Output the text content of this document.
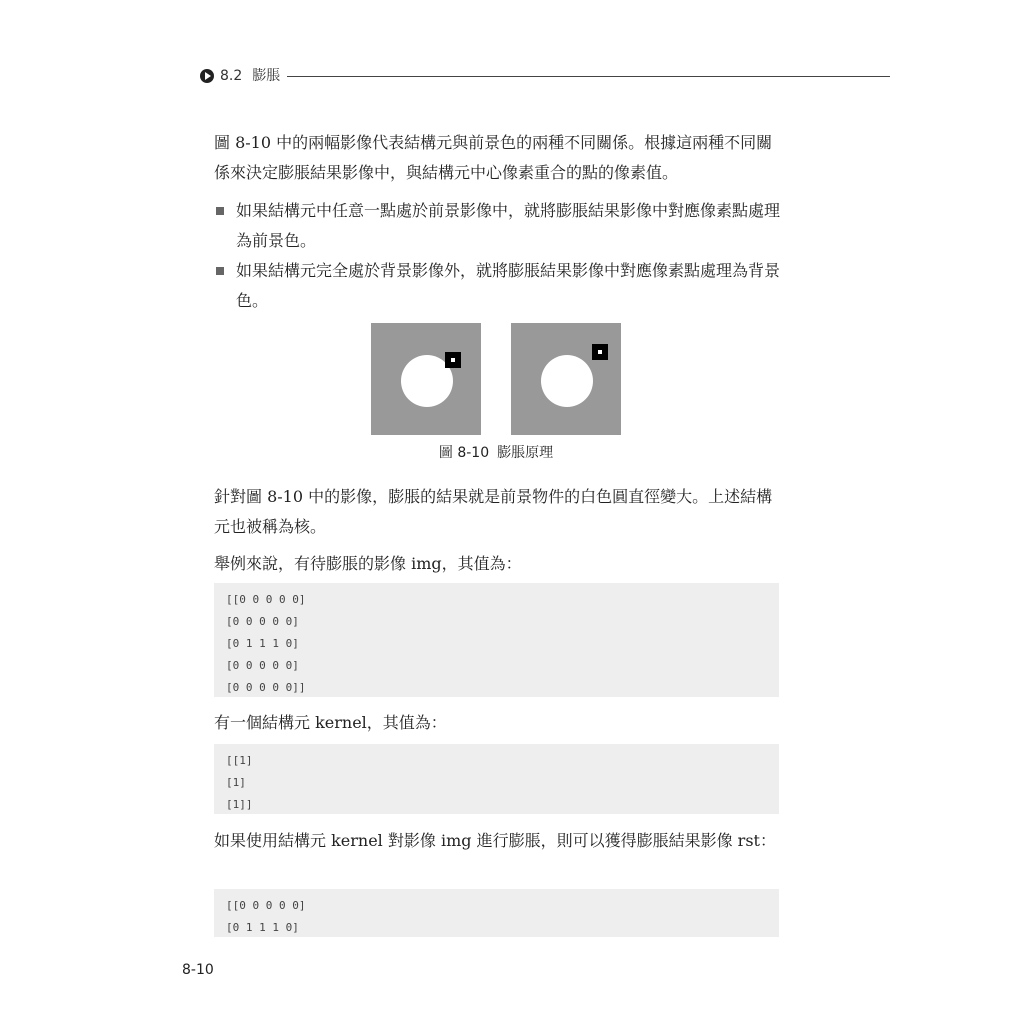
8.2 膨脹
圖 8-10 中的兩幅影像代表結構元與前景色的兩種不同關係。根據這兩種不同關係來決定膨脹結果影像中，與結構元中心像素重合的點的像素值。
如果結構元中任意一點處於前景影像中，就將膨脹結果影像中對應像素點處理為前景色。
如果結構元完全處於背景影像外，就將膨脹結果影像中對應像素點處理為背景色。
圖 8-10 膨脹原理
針對圖 8-10 中的影像，膨脹的結果就是前景物件的白色圓直徑變大。上述結構元也被稱為核。
舉例來說，有待膨脹的影像 img，其值為：
[[0 0 0 0 0]
[0 0 0 0 0]
[0 1 1 1 0]
[0 0 0 0 0]
[0 0 0 0 0]]
有一個結構元 kernel，其值為：
[[1]
[1]
[1]]
如果使用結構元 kernel 對影像 img 進行膨脹，則可以獲得膨脹結果影像 rst：
[[0 0 0 0 0]
[0 1 1 1 0]
8-10
